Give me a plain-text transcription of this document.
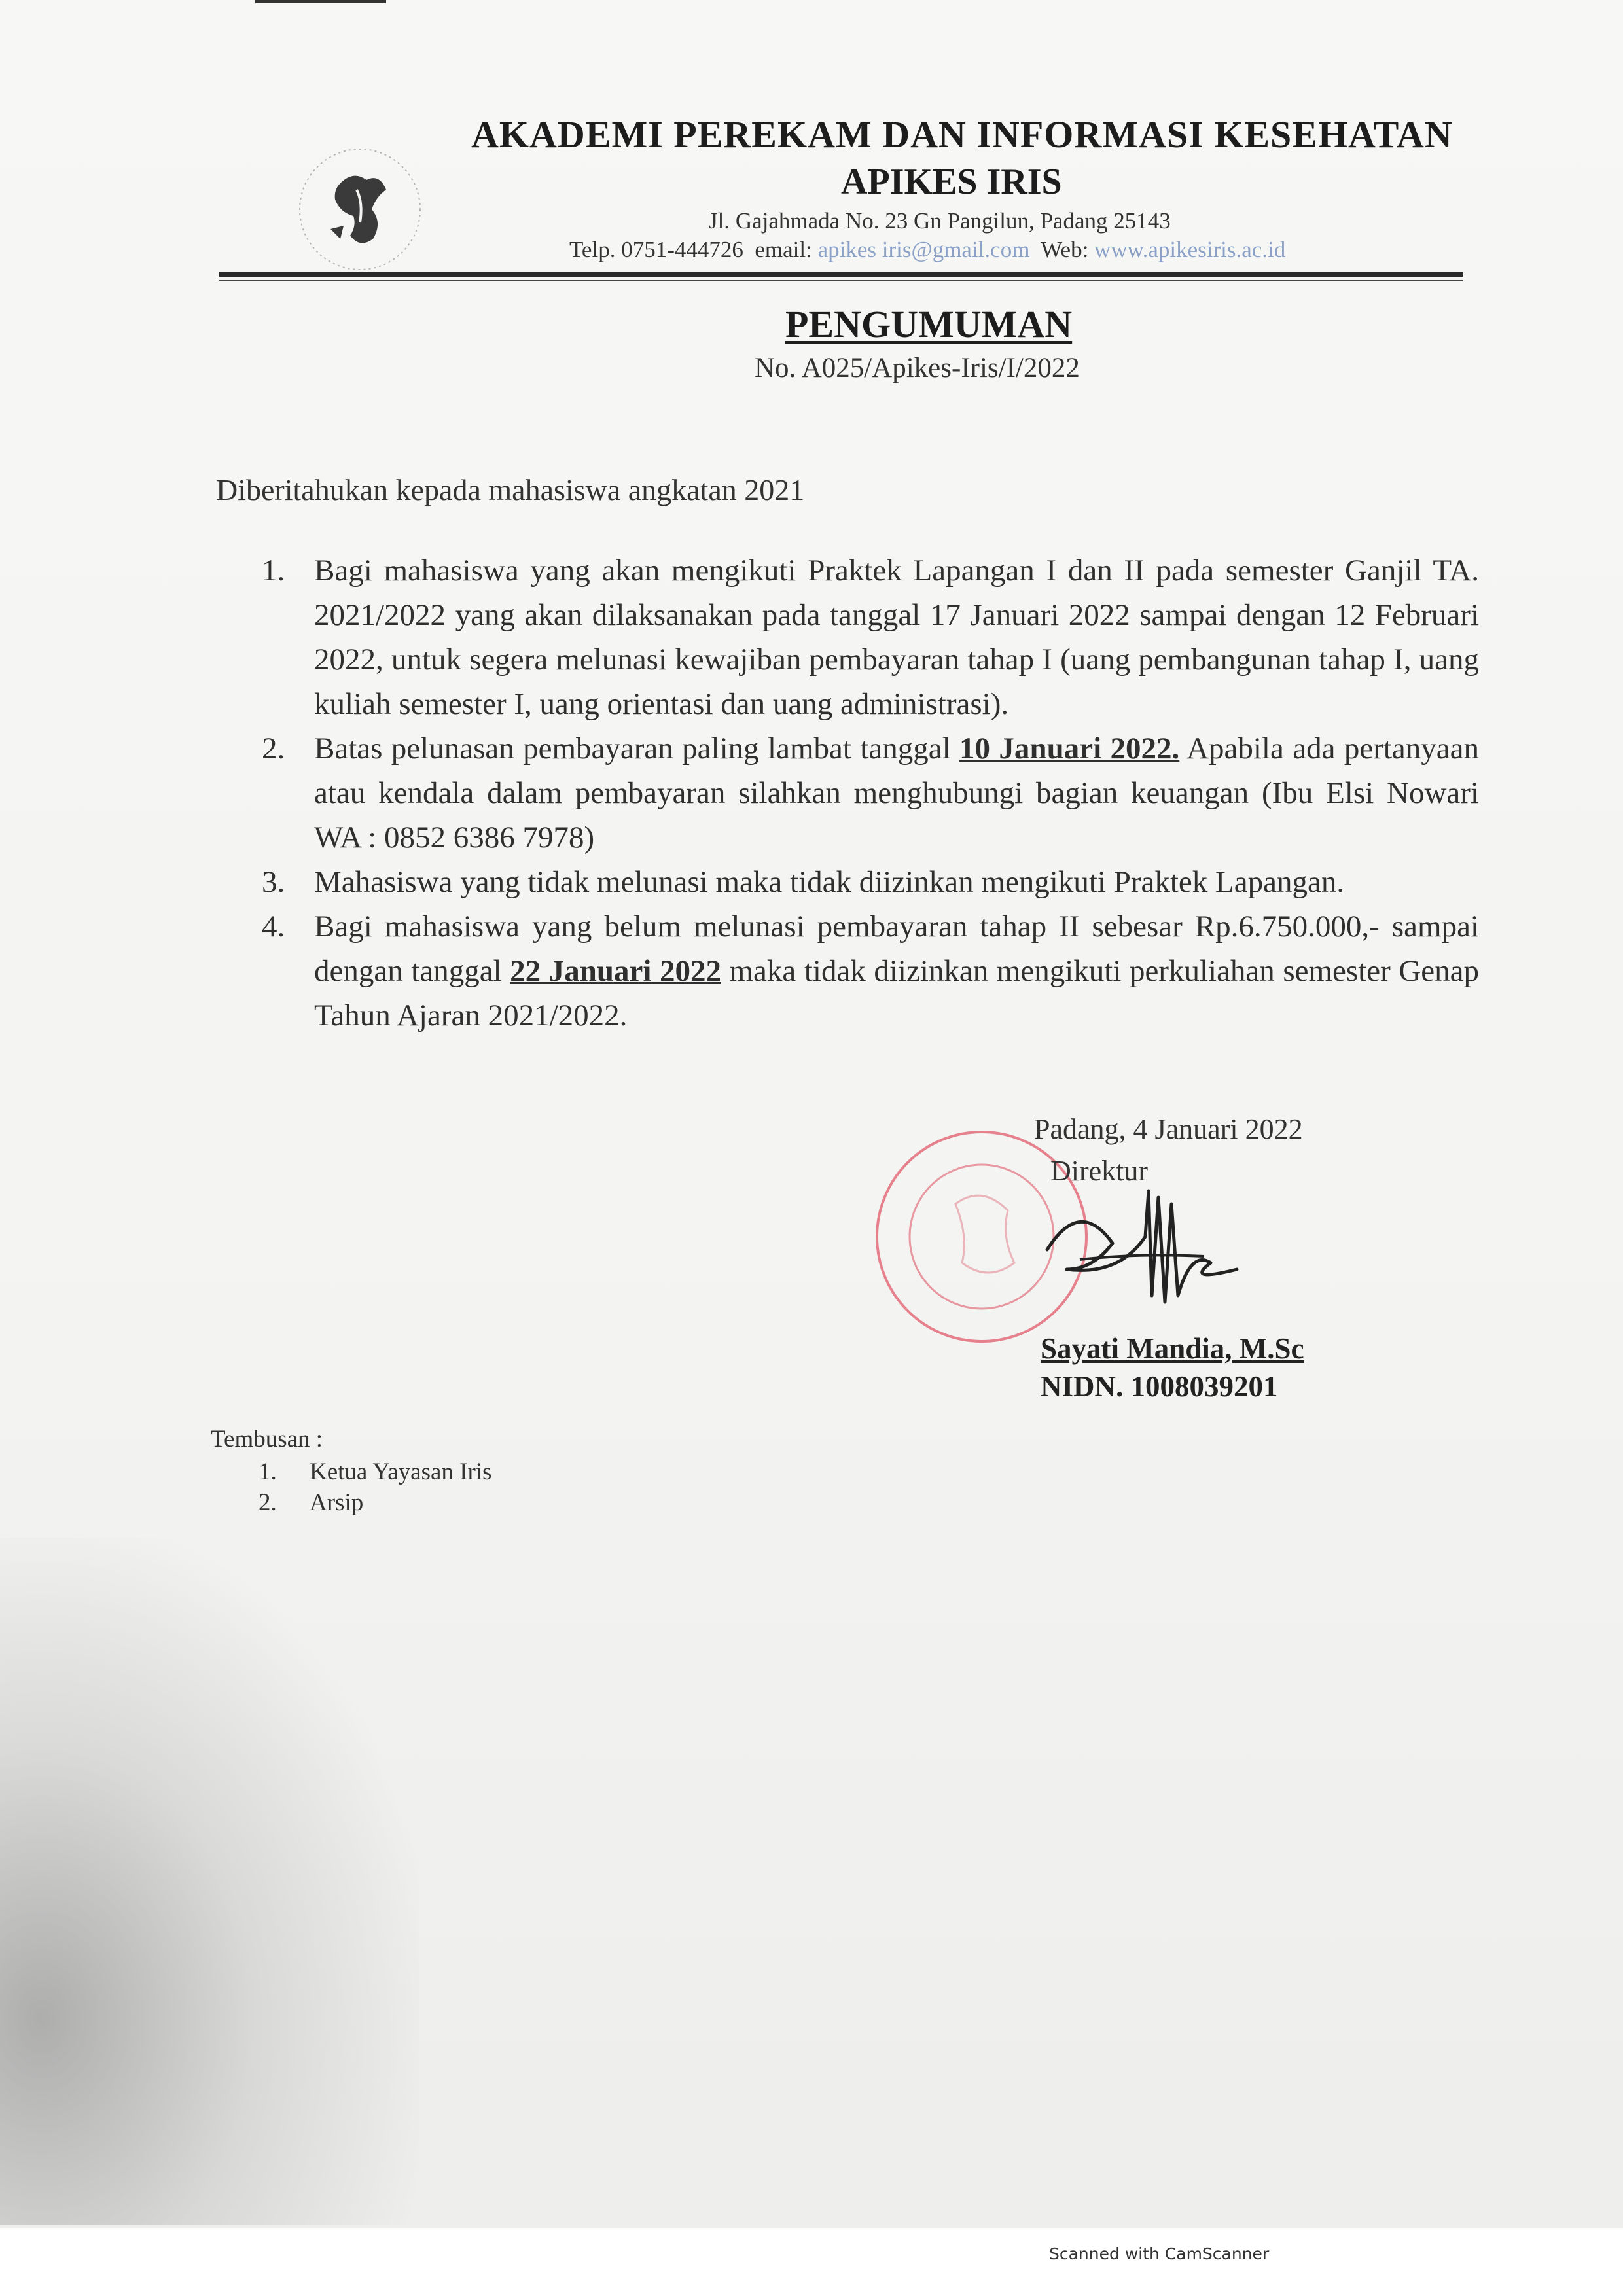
AKADEMI PEREKAM DAN INFORMASI KESEHATAN
APIKES IRIS
Jl. Gajahmada No. 23 Gn Pangilun, Padang 25143
Telp. 0751-444726 email: apikes iris@gmail.com Web: www.apikesiris.ac.id
PENGUMUMAN
No. A025/Apikes-Iris/I/2022
Diberitahukan kepada mahasiswa angkatan 2021
1. Bagi mahasiswa yang akan mengikuti Praktek Lapangan I dan II pada semester Ganjil TA. 2021/2022 yang akan dilaksanakan pada tanggal 17 Januari 2022 sampai dengan 12 Februari 2022, untuk segera melunasi kewajiban pembayaran tahap I (uang pembangunan tahap I, uang kuliah semester I, uang orientasi dan uang administrasi).
2. Batas pelunasan pembayaran paling lambat tanggal 10 Januari 2022. Apabila ada pertanyaan atau kendala dalam pembayaran silahkan menghubungi bagian keuangan (Ibu Elsi Nowari WA : 0852 6386 7978)
3. Mahasiswa yang tidak melunasi maka tidak diizinkan mengikuti Praktek Lapangan.
4. Bagi mahasiswa yang belum melunasi pembayaran tahap II sebesar Rp.6.750.000,- sampai dengan tanggal 22 Januari 2022 maka tidak diizinkan mengikuti perkuliahan semester Genap Tahun Ajaran 2021/2022.
Padang, 4 Januari 2022
Direktur
Sayati Mandia, M.Sc
NIDN. 1008039201
Tembusan :
1. Ketua Yayasan Iris
2. Arsip
Scanned with CamScanner
